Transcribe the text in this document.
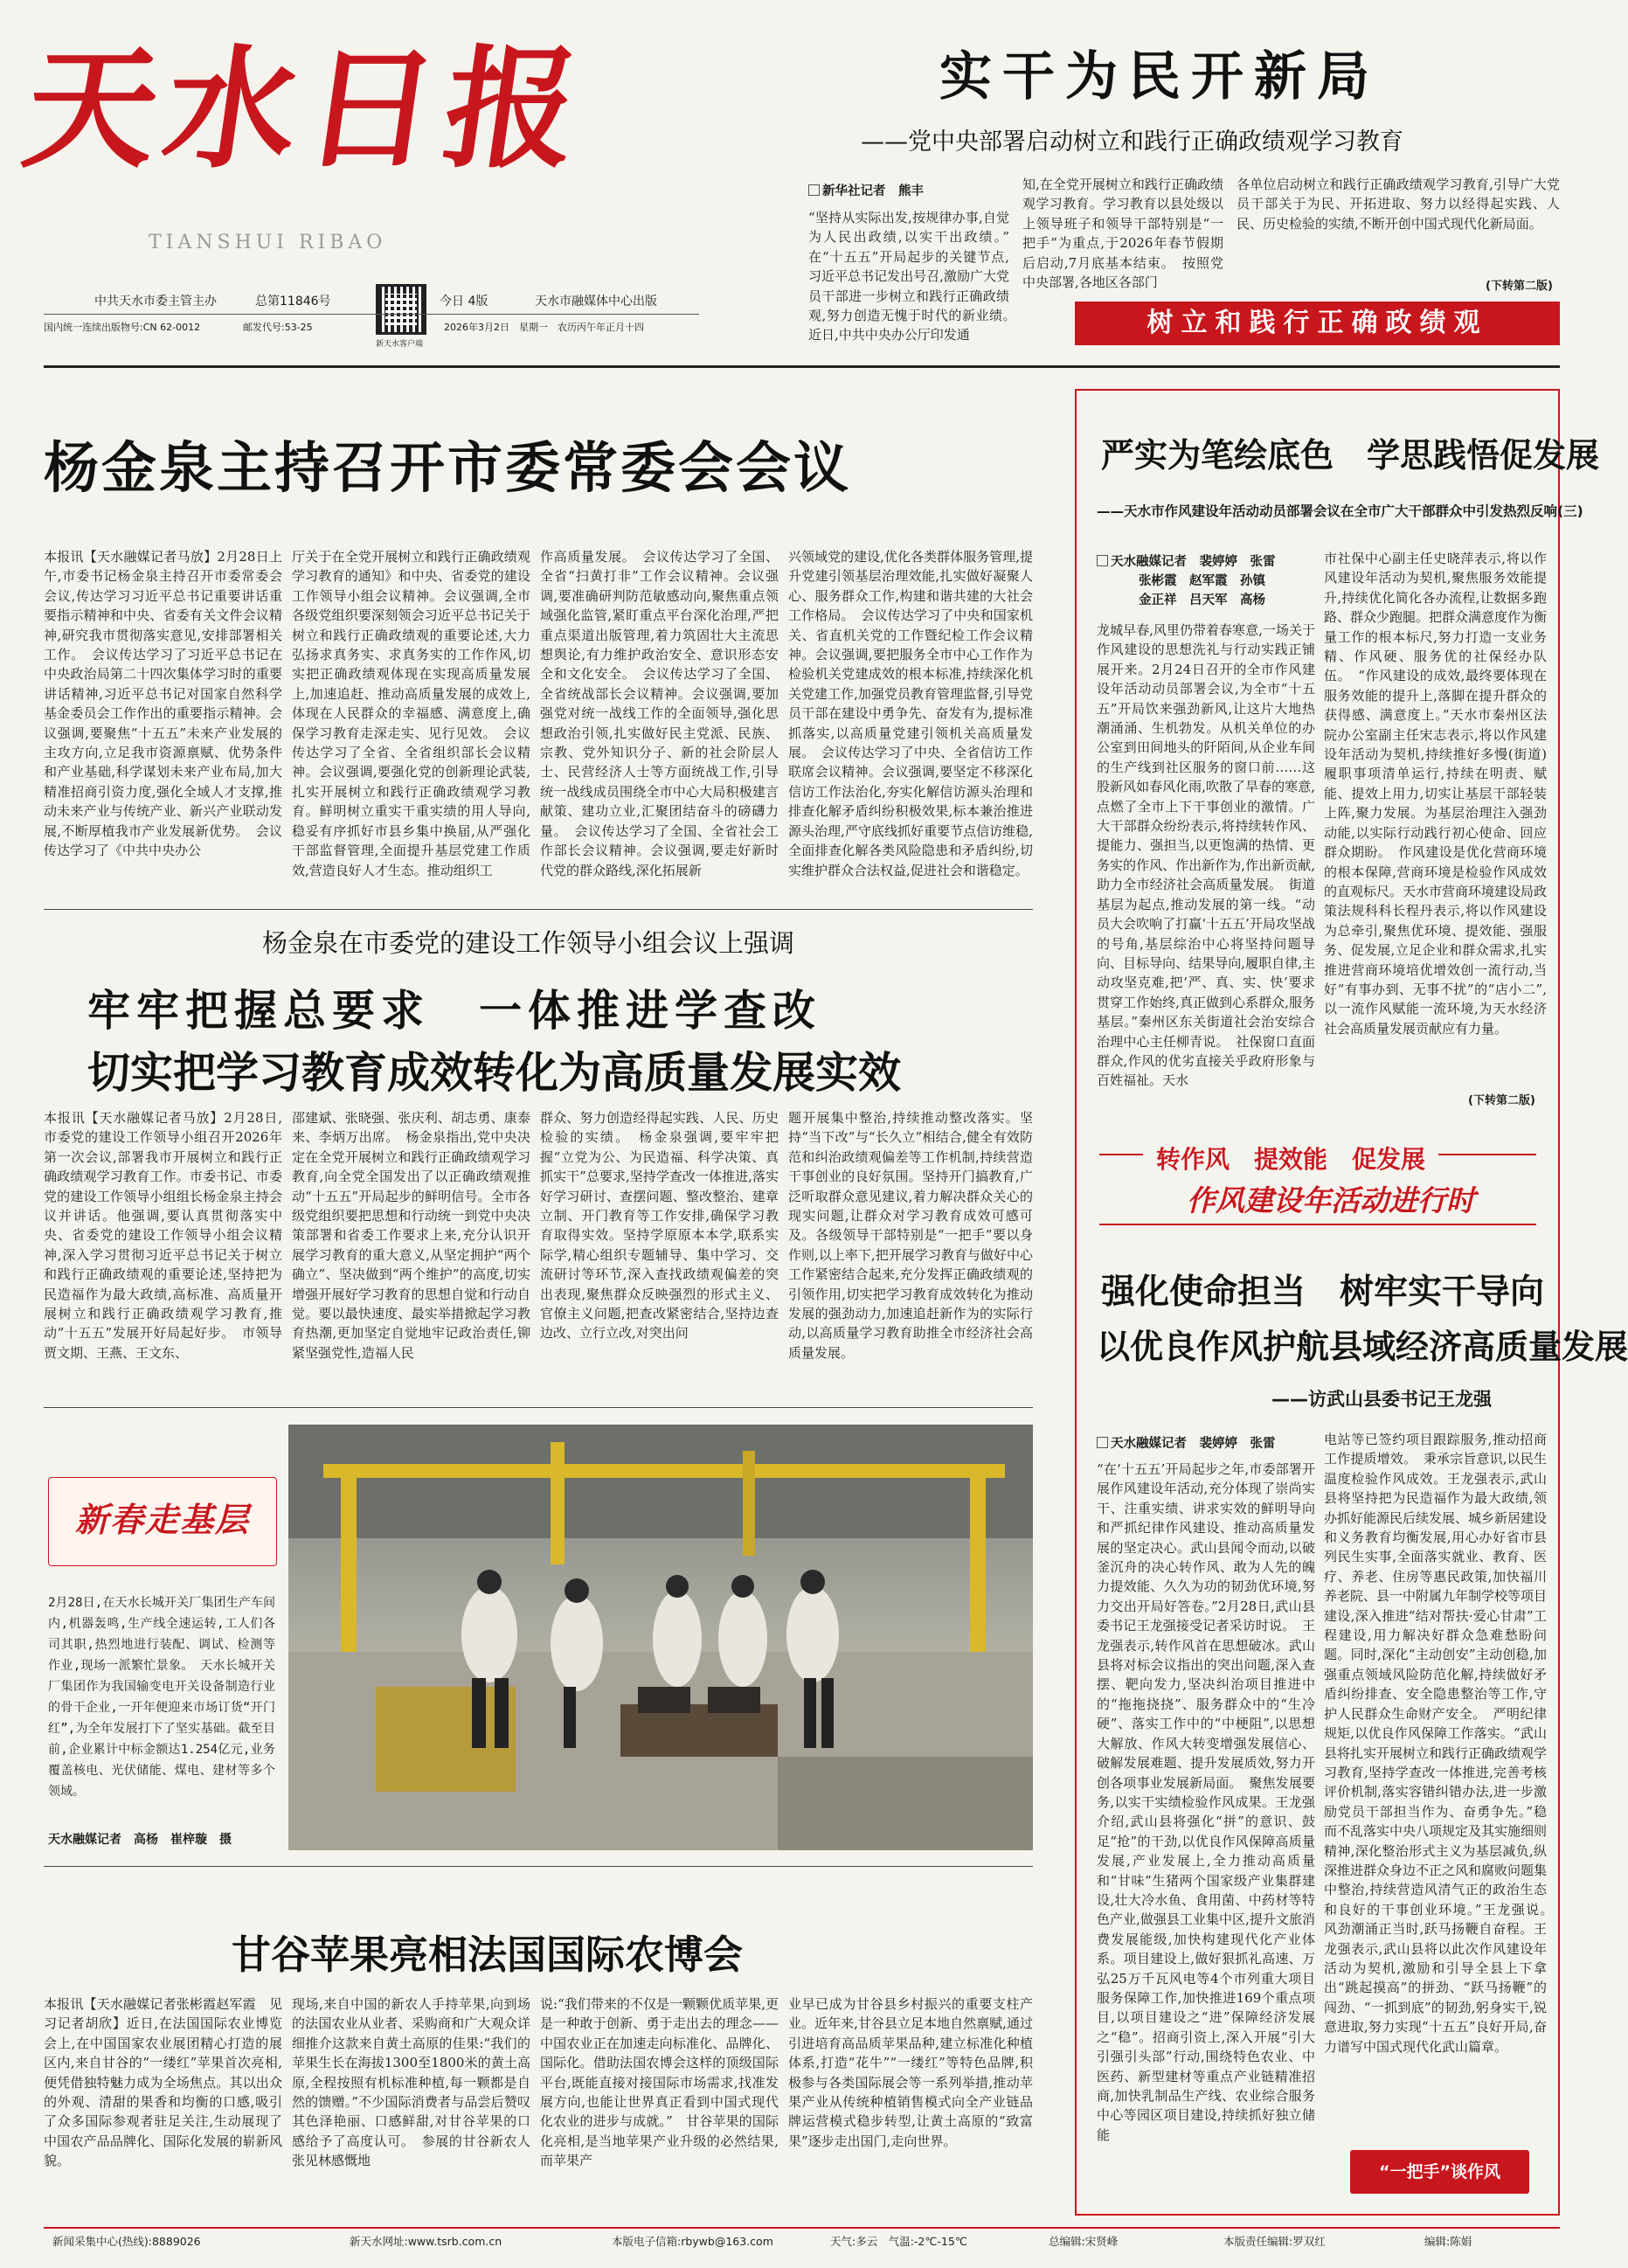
天水日报
TIANSHUI RIBAO
中共天水市委主管主办	总第11846号	今日 4版	天水市融媒体中心出版
新天水客户端
国内统一连续出版物号:CN 62-0012	邮发代号:53-25	2026年3月2日　星期一　农历丙午年正月十四
实干为民开新局
——党中央部署启动树立和践行正确政绩观学习教育
新华社记者　熊丰

“坚持从实际出发,按规律办事,自觉为人民出政绩,以实干出政绩。”　在“十五五”开局起步的关键节点,习近平总书记发出号召,激励广大党员干部进一步树立和践行正确政绩观,努力创造无愧于时代的新业绩。　近日,中共中央办公厅印发通

知,在全党开展树立和践行正确政绩观学习教育。学习教育以县处级以上领导班子和领导干部特别是“一把手”为重点,于2026年春节假期后启动,7月底基本结束。　按照党中央部署,各地区各部门

各单位启动树立和践行正确政绩观学习教育,引导广大党员干部关于为民、开拓进取、努力以经得起实践、人民、历史检验的实绩,不断开创中国式现代化新局面。

(下转第二版)
树立和践行正确政绩观
杨金泉主持召开市委常委会会议

本报讯【天水融媒记者马放】2月28日上午,市委书记杨金泉主持召开市委常委会会议,传达学习习近平总书记重要讲话重要指示精神和中央、省委有关文件会议精神,研究我市贯彻落实意见,安排部署相关工作。　会议传达学习了习近平总书记在中央政治局第二十四次集体学习时的重要讲话精神,习近平总书记对国家自然科学基金委员会工作作出的重要指示精神。会议强调,要聚焦“十五五”未来产业发展的主攻方向,立足我市资源禀赋、优势条件和产业基础,科学谋划未来产业布局,加大精准招商引资力度,强化全域人才支撑,推动未来产业与传统产业、新兴产业联动发展,不断厚植我市产业发展新优势。　会议传达学习了《中共中央办公

厅关于在全党开展树立和践行正确政绩观学习教育的通知》和中央、省委党的建设工作领导小组会议精神。会议强调,全市各级党组织要深刻领会习近平总书记关于树立和践行正确政绩观的重要论述,大力弘扬求真务实、求真务实的工作作风,切实把正确政绩观体现在实现高质量发展上,加速追赶、推动高质量发展的成效上,体现在人民群众的幸福感、满意度上,确保学习教育走深走实、见行见效。　会议传达学习了全省、全省组织部长会议精神。会议强调,要强化党的创新理论武装,扎实开展树立和践行正确政绩观学习教育。鲜明树立重实干重实绩的用人导向,稳妥有序抓好市县乡集中换届,从严强化干部监督管理,全面提升基层党建工作质效,营造良好人才生态。推动组织工

作高质量发展。　会议传达学习了全国、全省“扫黄打非”工作会议精神。会议强调,要准确研判防范敏感动向,聚焦重点领域强化监管,紧盯重点平台深化治理,严把重点渠道出版管理,着力筑固壮大主流思想舆论,有力维护政治安全、意识形态安全和文化安全。　会议传达学习了全国、全省统战部长会议精神。会议强调,要加强党对统一战线工作的全面领导,强化思想政治引领,扎实做好民主党派、民族、宗教、党外知识分子、新的社会阶层人士、民营经济人士等方面统战工作,引导统一战线成员围绕全市中心大局积极建言献策、建功立业,汇聚团结奋斗的磅礴力量。　会议传达学习了全国、全省社会工作部长会议精神。会议强调,要走好新时代党的群众路线,深化拓展新

兴领域党的建设,优化各类群体服务管理,提升党建引领基层治理效能,扎实做好凝聚人心、服务群众工作,构建和谐共建的大社会工作格局。　会议传达学习了中央和国家机关、省直机关党的工作暨纪检工作会议精神。会议强调,要把服务全市中心工作作为检验机关党建成效的根本标准,持续深化机关党建工作,加强党员教育管理监督,引导党员干部在建设中勇争先、奋发有为,提标准抓落实,以高质量党建引领机关高质量发展。　会议传达学习了中央、全省信访工作联席会议精神。会议强调,要坚定不移深化信访工作法治化,夯实化解信访源头治理和排查化解矛盾纠纷积极效果,标本兼治推进源头治理,严守底线抓好重要节点信访维稳,全面排查化解各类风险隐患和矛盾纠纷,切实维护群众合法权益,促进社会和谐稳定。

杨金泉在市委党的建设工作领导小组会议上强调
牢牢把握总要求　一体推进学查改
切实把学习教育成效转化为高质量发展实效

本报讯【天水融媒记者马放】2月28日,市委党的建设工作领导小组召开2026年第一次会议,部署我市开展树立和践行正确政绩观学习教育工作。市委书记、市委党的建设工作领导小组组长杨金泉主持会议并讲话。他强调,要认真贯彻落实中央、省委党的建设工作领导小组会议精神,深入学习贯彻习近平总书记关于树立和践行正确政绩观的重要论述,坚持把为民造福作为最大政绩,高标准、高质量开展树立和践行正确政绩观学习教育,推动“十五五”发展开好局起好步。　市领导贾文期、王燕、王文东、

邵建斌、张晓强、张庆利、胡志勇、康泰来、李炳万出席。　杨金泉指出,党中央决定在全党开展树立和践行正确政绩观学习教育,向全党全国发出了以正确政绩观推动“十五五”开局起步的鲜明信号。全市各级党组织要把思想和行动统一到党中央决策部署和省委工作要求上来,充分认识开展学习教育的重大意义,从坚定拥护“两个确立”、坚决做到“两个维护”的高度,切实增强开展好学习教育的思想自觉和行动自觉。要以最快速度、最实举措掀起学习教育热潮,更加坚定自觉地牢记政治责任,铆紧坚强党性,造福人民

群众、努力创造经得起实践、人民、历史检验的实绩。　杨金泉强调,要牢牢把握“立党为公、为民造福、科学决策、真抓实干”总要求,坚持学查改一体推进,落实好学习研讨、查摆问题、整改整治、建章立制、开门教育等工作安排,确保学习教育取得实效。坚持学原原本本学,联系实际学,精心组织专题辅导、集中学习、交流研讨等环节,深入查找政绩观偏差的突出表现,聚焦群众反映强烈的形式主义、官僚主义问题,把查改紧密结合,坚持边查边改、立行立改,对突出问

题开展集中整治,持续推动整改落实。坚持“当下改”与“长久立”相结合,健全有效防范和纠治政绩观偏差等工作机制,持续营造干事创业的良好氛围。坚持开门搞教育,广泛听取群众意见建议,着力解决群众关心的现实问题,让群众对学习教育成效可感可及。各级领导干部特别是“一把手”要以身作则,以上率下,把开展学习教育与做好中心工作紧密结合起来,充分发挥正确政绩观的引领作用,切实把学习教育成效转化为推动发展的强劲动力,加速追赶新作为的实际行动,以高质量学习教育助推全市经济社会高质量发展。

新春走基层

2月28日,在天水长城开关厂集团生产车间内,机器轰鸣,生产线全速运转,工人们各司其职,热烈地进行装配、调试、检测等作业,现场一派繁忙景象。　天水长城开关厂集团作为我国输变电开关设备制造行业的骨干企业,一开年便迎来市场订货“开门红”,为全年发展打下了坚实基础。截至目前,企业累计中标金额达1.254亿元,业务覆盖核电、光伏储能、煤电、建材等多个领域。

天水融媒记者　高杨　崔梓璇　摄
甘谷苹果亮相法国国际农博会

本报讯【天水融媒记者张彬霞赵军霞　见习记者胡欣】近日,在法国国际农业博览会上,在中国国家农业展团精心打造的展区内,来自甘谷的“一缕红”苹果首次亮相,便凭借独特魅力成为全场焦点。其以出众的外观、清甜的果香和均衡的口感,吸引了众多国际参观者驻足关注,生动展现了中国农产品品牌化、国际化发展的崭新风貌。

现场,来自中国的新农人手持苹果,向到场的法国农业从业者、采购商和广大观众详细推介这款来自黄土高原的佳果:“我们的苹果生长在海拔1300至1800米的黄土高原,全程按照有机标准种植,每一颗都是自然的馈赠。”不少国际消费者与品尝后赞叹其色泽艳丽、口感鲜甜,对甘谷苹果的口感给予了高度认可。　参展的甘谷新农人张见林感慨地

说:“我们带来的不仅是一颗颗优质苹果,更是一种敢于创新、勇于走出去的理念——中国农业正在加速走向标准化、品牌化、国际化。借助法国农博会这样的顶级国际平台,既能直接对接国际市场需求,找准发展方向,也能让世界真正看到中国式现代化农业的进步与成就。”　甘谷苹果的国际化亮相,是当地苹果产业升级的必然结果,而苹果产

业早已成为甘谷县乡村振兴的重要支柱产业。近年来,甘谷县立足本地自然禀赋,通过引进培育高品质苹果品种,建立标准化种植体系,打造“花牛”“一缕红”等特色品牌,积极参与各类国际展会等一系列举措,推动苹果产业从传统种植销售模式向全产业链品牌运营模式稳步转型,让黄土高原的“致富果”逐步走出国门,走向世界。

严实为笔绘底色　学思践悟促发展
——天水市作风建设年活动动员部署会议在全市广大干部群众中引发热烈反响(三)
天水融媒记者　裴婷婷　张雷
张彬霞　赵军霞　孙镇
金正祥　吕天军　高杨

龙城早春,风里仍带着春寒意,一场关于作风建设的思想洗礼与行动实践正铺展开来。2月24日召开的全市作风建设年活动动员部署会议,为全市“十五五”开局饮来强劲新风,让这片大地热潮涌涌、生机勃发。从机关单位的办公室到田间地头的阡陌间,从企业车间的生产线到社区服务的窗口前……这股新风如春风化雨,吹散了旱春的寒意,点燃了全市上下干事创业的激情。广大干部群众纷纷表示,将持续转作风、提能力、强担当,以更饱满的热情、更务实的作风、作出新作为,作出新贡献,助力全市经济社会高质量发展。　街道基层为起点,推动发展的第一线。“动员大会吹响了打赢‘十五五’开局攻坚战的号角,基层综治中心将坚持问题导向、目标导向、结果导向,履职自律,主动攻坚克难,把‘严、真、实、快’要求贯穿工作始终,真正做到心系群众,服务基层。”秦州区东关街道社会治安综合治理中心主任柳青说。　社保窗口直面群众,作风的优劣直接关乎政府形象与百姓福祉。天水

市社保中心副主任史晓萍表示,将以作风建设年活动为契机,聚焦服务效能提升,持续优化简化各办流程,让数据多跑路、群众少跑腿。把群众满意度作为衡量工作的根本标尺,努力打造一支业务精、作风硬、服务优的社保经办队伍。　“作风建设的成效,最终要体现在服务效能的提升上,落脚在提升群众的获得感、满意度上。”天水市秦州区法院办公室副主任宋志表示,将以作风建设年活动为契机,持续推好多慢(街道)履职事项清单运行,持续在明责、赋能、提效上用力,切实让基层干部轻装上阵,聚力发展。为基层治理注入强劲动能,以实际行动践行初心使命、回应群众期盼。　作风建设是优化营商环境的根本保障,营商环境是检验作风成效的直观标尺。天水市营商环境建设局政策法规科科长程丹表示,将以作风建设为总牵引,聚焦优环境、提效能、强服务、促发展,立足企业和群众需求,扎实推进营商环境培优增效创一流行动,当好“有事办到、无事不扰”的“店小二”,以一流作风赋能一流环境,为天水经济社会高质量发展贡献应有力量。

(下转第二版)
转作风　提效能　促发展
作风建设年活动进行时
强化使命担当　树牢实干导向
以优良作风护航县域经济高质量发展
——访武山县委书记王龙强
天水融媒记者　裴婷婷　张雷

“在‘十五五’开局起步之年,市委部署开展作风建设年活动,充分体现了崇尚实干、注重实绩、讲求实效的鲜明导向和严抓纪律作风建设、推动高质量发展的坚定决心。武山县闻令而动,以破釜沉舟的决心转作风、敢为人先的魄力提效能、久久为功的韧劲优环境,努力交出开局好答卷。”2月28日,武山县委书记王龙强接受记者采访时说。　王龙强表示,转作风首在思想破冰。武山县将对标会议指出的突出问题,深入查摆、靶向发力,坚决纠治项目推进中的“拖拖挠挠”、服务群众中的“生冷硬”、落实工作中的“中梗阻”,以思想大解放、作风大转变增强发展信心、破解发展难题、提升发展质效,努力开创各项事业发展新局面。　聚焦发展要务,以实干实绩检验作风成果。王龙强介绍,武山县将强化“拼”的意识、鼓足“抢”的干劲,以优良作风保障高质量发展,产业发展上,全力推动高质量和“甘味”生猪两个国家级产业集群建设,壮大冷水鱼、食用菌、中药材等特色产业,做强县工业集中区,提升文旅消费发展能级,加快构建现代化产业体系。项目建设上,做好狠抓礼高速、万弘25万千瓦风电等4个市列重大项目服务保障工作,加快推进169个重点项目,以项目建设之“进”保障经济发展之“稳”。招商引资上,深入开展“引大引强引头部”行动,围绕特色农业、中医药、新型建材等重点产业链精准招商,加快乳制品生产线、农业综合服务中心等园区项目建设,持续抓好独立储能

电站等已签约项目跟踪服务,推动招商工作提质增效。　秉承宗旨意识,以民生温度检验作风成效。王龙强表示,武山县将坚持把为民造福作为最大政绩,领办抓好能源民后续发展、城乡新居建设和义务教育均衡发展,用心办好省市县列民生实事,全面落实就业、教育、医疗、养老、住房等惠民政策,加快福川养老院、县一中附属九年制学校等项目建设,深入推进“结对帮扶·爱心甘肃”工程建设,用力解决好群众急难愁盼问题。同时,深化“主动创安”主动创稳,加强重点领域风险防范化解,持续做好矛盾纠纷排查、安全隐患整治等工作,守护人民群众生命财产安全。　严明纪律规矩,以优良作风保障工作落实。“武山县将扎实开展树立和践行正确政绩观学习教育,坚持学查改一体推进,完善考核评价机制,落实容错纠错办法,进一步激励党员干部担当作为、奋勇争先。”稳而不乱落实中央八项规定及其实施细则精神,深化整治形式主义为基层减负,纵深推进群众身边不正之风和腐败问题集中整治,持续营造风清气正的政治生态和良好的干事创业环境。”王龙强说。　风劲潮涌正当时,跃马扬鞭自奋程。王龙强表示,武山县将以此次作风建设年活动为契机,激励和引导全县上下拿出“跳起摸高”的拼劲、“跃马扬鞭”的闯劲、“一抓到底”的韧劲,躬身实干,锐意进取,努力实现“十五五”良好开局,奋力谱写中国式现代化武山篇章。

“一把手”谈作风
新闻采集中心(热线):8889026	新天水网址:www.tsrb.com.cn	本版电子信箱:rbywb@163.com	天气:多云　气温:-2℃-15℃	总编辑:宋贤峰	本版责任编辑:罗双红	编辑:陈娟
